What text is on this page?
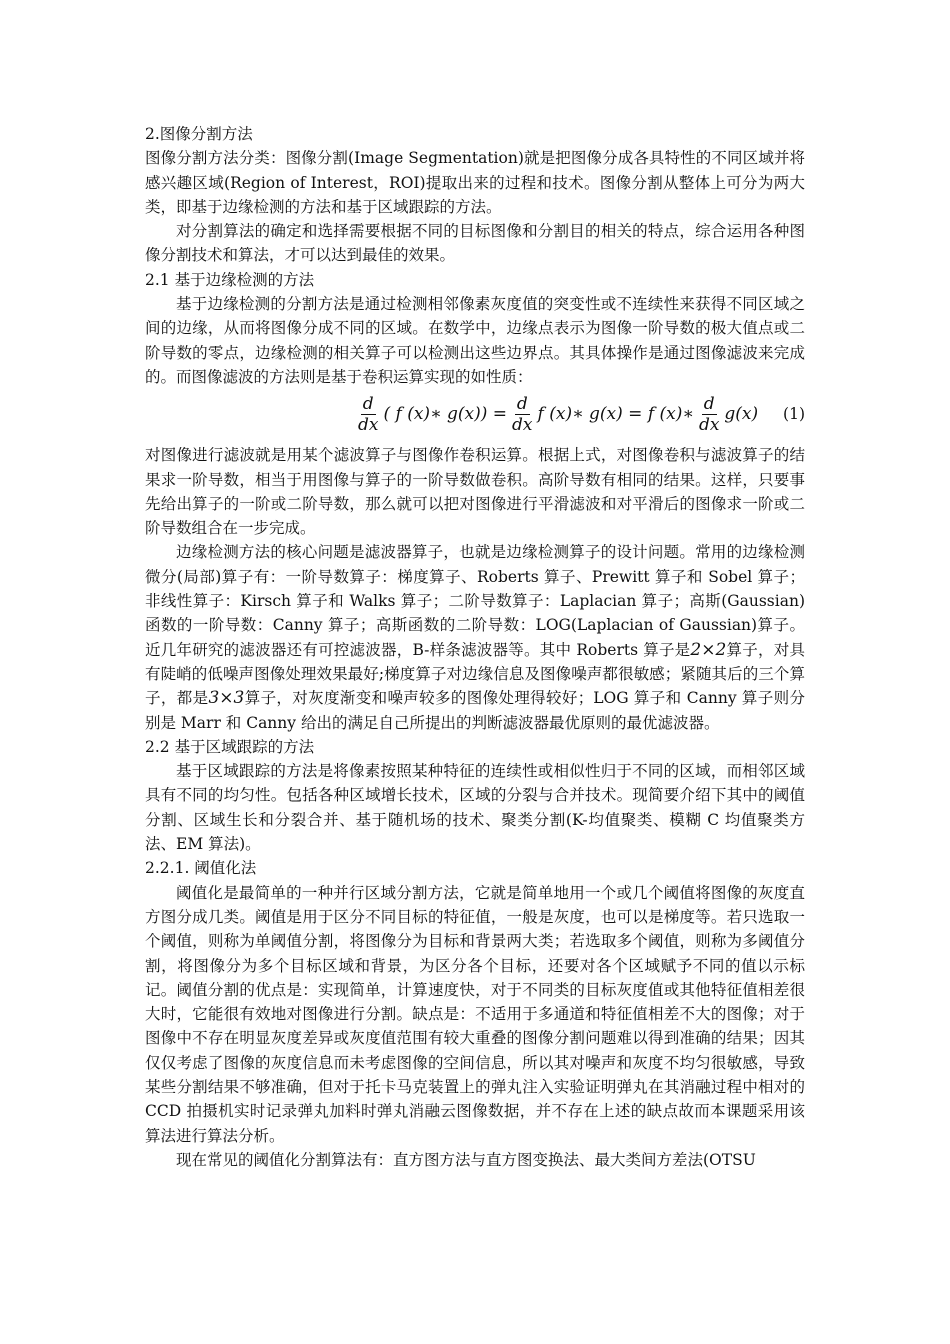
2.图像分割方法

图像分割方法分类：图像分割(Image Segmentation)就是把图像分成各具特性的不同区域并将感兴趣区域(Region of Interest，ROI)提取出来的过程和技术。图像分割从整体上可分为两大类，即基于边缘检测的方法和基于区域跟踪的方法。

对分割算法的确定和选择需要根据不同的目标图像和分割目的相关的特点，综合运用各种图像分割技术和算法，才可以达到最佳的效果。

2.1 基于边缘检测的方法

基于边缘检测的分割方法是通过检测相邻像素灰度值的突变性或不连续性来获得不同区域之间的边缘，从而将图像分成不同的区域。在数学中，边缘点表示为图像一阶导数的极大值点或二阶导数的零点，边缘检测的相关算子可以检测出这些边界点。其具体操作是通过图像滤波来完成的。而图像滤波的方法则是基于卷积运算实现的如性质：

$\frac{d}{dx}$ ( f (x)∗ $g(x)) = \frac{d}{dx}$ f (x)∗ g(x) = f (x)∗ $\frac{d}{dx} g(x)$ (1)

对图像进行滤波就是用某个滤波算子与图像作卷积运算。根据上式，对图像卷积与滤波算子的结果求一阶导数，相当于用图像与算子的一阶导数做卷积。高阶导数有相同的结果。这样，只要事先给出算子的一阶或二阶导数，那么就可以把对图像进行平滑滤波和对平滑后的图像求一阶或二阶导数组合在一步完成。

边缘检测方法的核心问题是滤波器算子，也就是边缘检测算子的设计问题。常用的边缘检测微分(局部)算子有：一阶导数算子：梯度算子、Roberts 算子、Prewitt 算子和 Sobel 算子；非线性算子：Kirsch 算子和 Walks 算子；二阶导数算子：Laplacian 算子；高斯(Gaussian)函数的一阶导数：Canny 算子；高斯函数的二阶导数：LOG(Laplacian of Gaussian)算子。近几年研究的滤波器还有可控滤波器，B-样条滤波器等。其中 Roberts 算子是2×2算子，对具有陡峭的低噪声图像处理效果最好;梯度算子对边缘信息及图像噪声都很敏感；紧随其后的三个算子，都是3×3算子，对灰度渐变和噪声较多的图像处理得较好；LOG 算子和 Canny 算子则分别是 Marr 和 Canny 给出的满足自己所提出的判断滤波器最优原则的最优滤波器。

2.2 基于区域跟踪的方法

基于区域跟踪的方法是将像素按照某种特征的连续性或相似性归于不同的区域，而相邻区域具有不同的均匀性。包括各种区域增长技术，区域的分裂与合并技术。现简要介绍下其中的阈值分割、区域生长和分裂合并、基于随机场的技术、聚类分割(K-均值聚类、模糊 C 均值聚类方法、EM 算法)。

2.2.1. 阈值化法

阈值化是最简单的一种并行区域分割方法，它就是简单地用一个或几个阈值将图像的灰度直方图分成几类。阈值是用于区分不同目标的特征值，一般是灰度，也可以是梯度等。若只选取一个阈值，则称为单阈值分割，将图像分为目标和背景两大类；若选取多个阈值，则称为多阈值分割，将图像分为多个目标区域和背景，为区分各个目标，还要对各个区域赋予不同的值以示标记。阈值分割的优点是：实现简单，计算速度快，对于不同类的目标灰度值或其他特征值相差很大时，它能很有效地对图像进行分割。缺点是：不适用于多通道和特征值相差不大的图像；对于图像中不存在明显灰度差异或灰度值范围有较大重叠的图像分割问题难以得到准确的结果；因其仅仅考虑了图像的灰度信息而未考虑图像的空间信息，所以其对噪声和灰度不均匀很敏感，导致某些分割结果不够准确，但对于托卡马克装置上的弹丸注入实验证明弹丸在其消融过程中相对的 CCD 拍摄机实时记录弹丸加料时弹丸消融云图像数据，并不存在上述的缺点故而本课题采用该算法进行算法分析。

现在常见的阈值化分割算法有：直方图方法与直方图变换法、最大类间方差法(OTSU
